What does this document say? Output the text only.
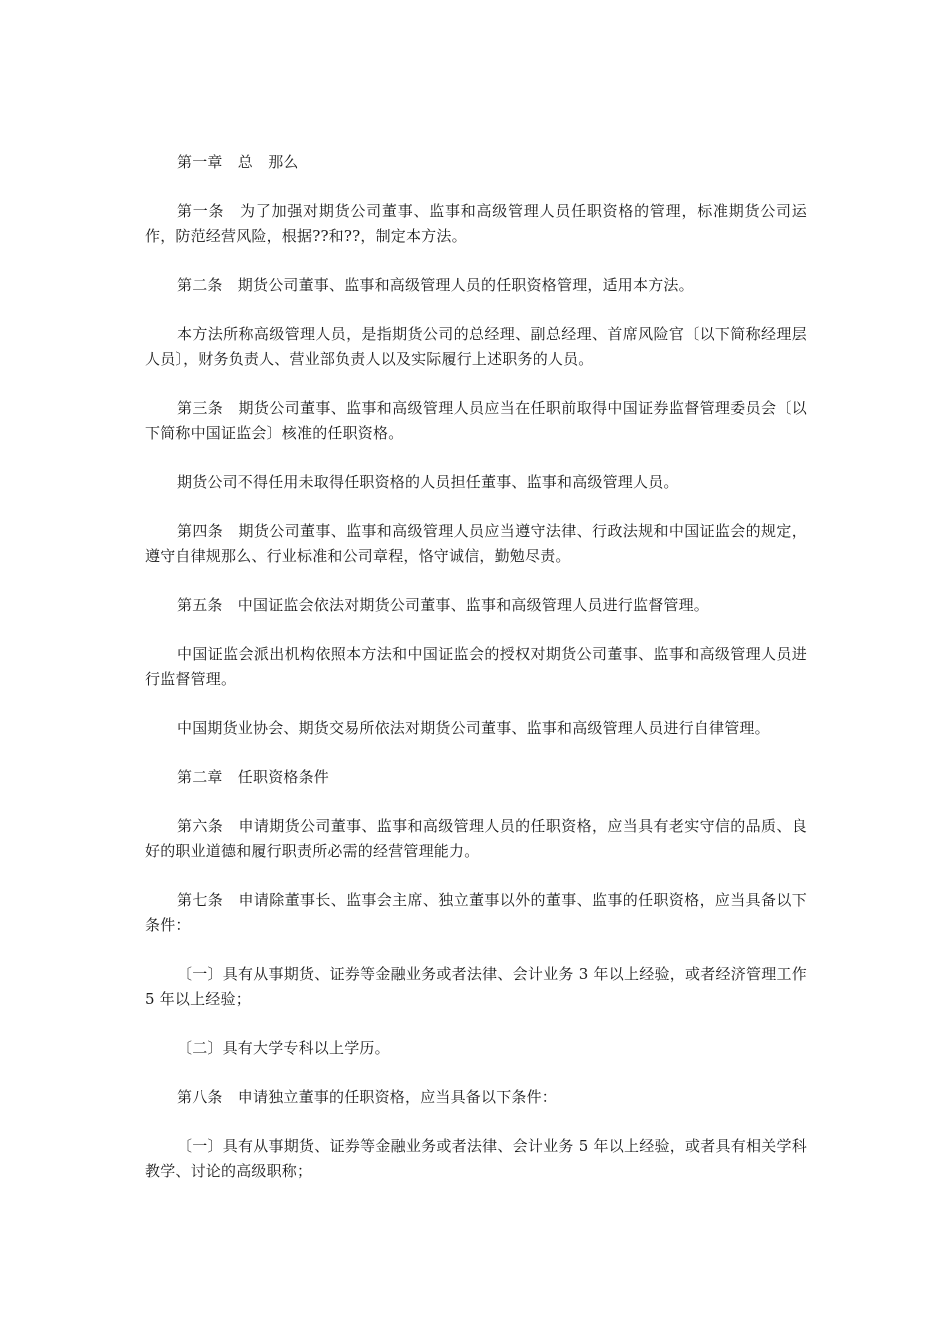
第一章　总　那么

第一条　为了加强对期货公司董事、监事和高级管理人员任职资格的管理，标准期货公司运作，防范经营风险，根据??和??，制定本方法。

第二条　期货公司董事、监事和高级管理人员的任职资格管理，适用本方法。

本方法所称高级管理人员，是指期货公司的总经理、副总经理、首席风险官〔以下简称经理层人员〕，财务负责人、营业部负责人以及实际履行上述职务的人员。

第三条　期货公司董事、监事和高级管理人员应当在任职前取得中国证券监督管理委员会〔以下简称中国证监会〕核准的任职资格。

期货公司不得任用未取得任职资格的人员担任董事、监事和高级管理人员。

第四条　期货公司董事、监事和高级管理人员应当遵守法律、行政法规和中国证监会的规定，遵守自律规那么、行业标准和公司章程，恪守诚信，勤勉尽责。

第五条　中国证监会依法对期货公司董事、监事和高级管理人员进行监督管理。

中国证监会派出机构依照本方法和中国证监会的授权对期货公司董事、监事和高级管理人员进行监督管理。

中国期货业协会、期货交易所依法对期货公司董事、监事和高级管理人员进行自律管理。

第二章　任职资格条件

第六条　申请期货公司董事、监事和高级管理人员的任职资格，应当具有老实守信的品质、良好的职业道德和履行职责所必需的经营管理能力。

第七条　申请除董事长、监事会主席、独立董事以外的董事、监事的任职资格，应当具备以下条件：

〔一〕具有从事期货、证券等金融业务或者法律、会计业务 3 年以上经验，或者经济管理工作 5 年以上经验；

〔二〕具有大学专科以上学历。

第八条　申请独立董事的任职资格，应当具备以下条件：

〔一〕具有从事期货、证券等金融业务或者法律、会计业务 5 年以上经验，或者具有相关学科教学、讨论的高级职称；
